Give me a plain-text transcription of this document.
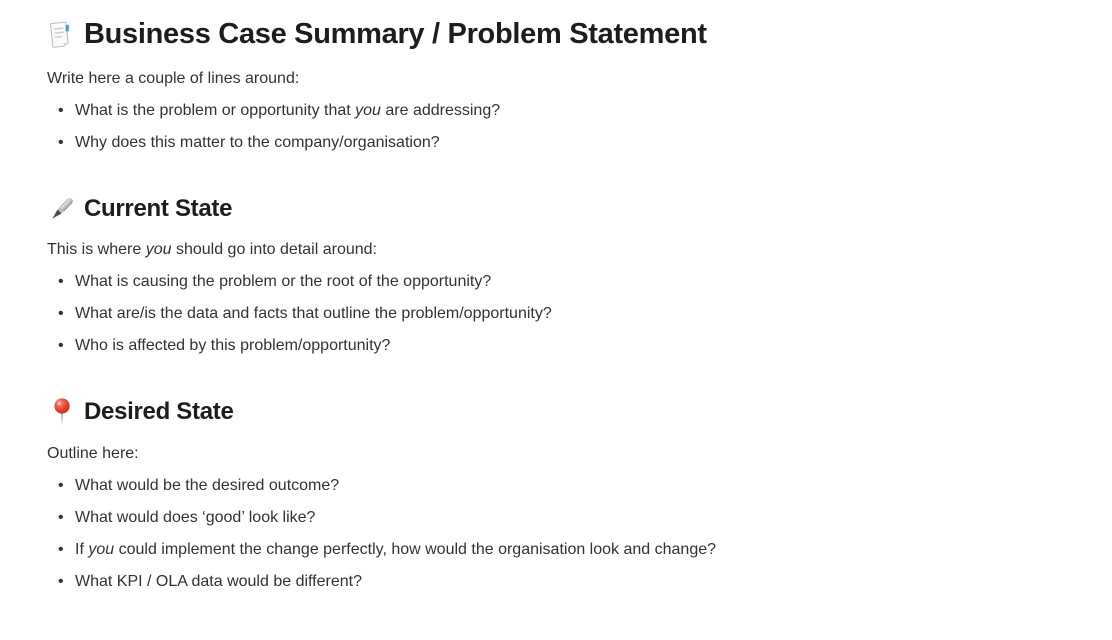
Business Case Summary / Problem Statement

Write here a couple of lines around:

• What is the problem or opportunity that you are addressing?
• Why does this matter to the company/organisation?
Current State

This is where you should go into detail around:

• What is causing the problem or the root of the opportunity?
• What are/is the data and facts that outline the problem/opportunity?
• Who is affected by this problem/opportunity?
Desired State

Outline here:

• What would be the desired outcome?
• What would does ‘good’ look like?
• If you could implement the change perfectly, how would the organisation look and change?
• What KPI / OLA data would be different?
